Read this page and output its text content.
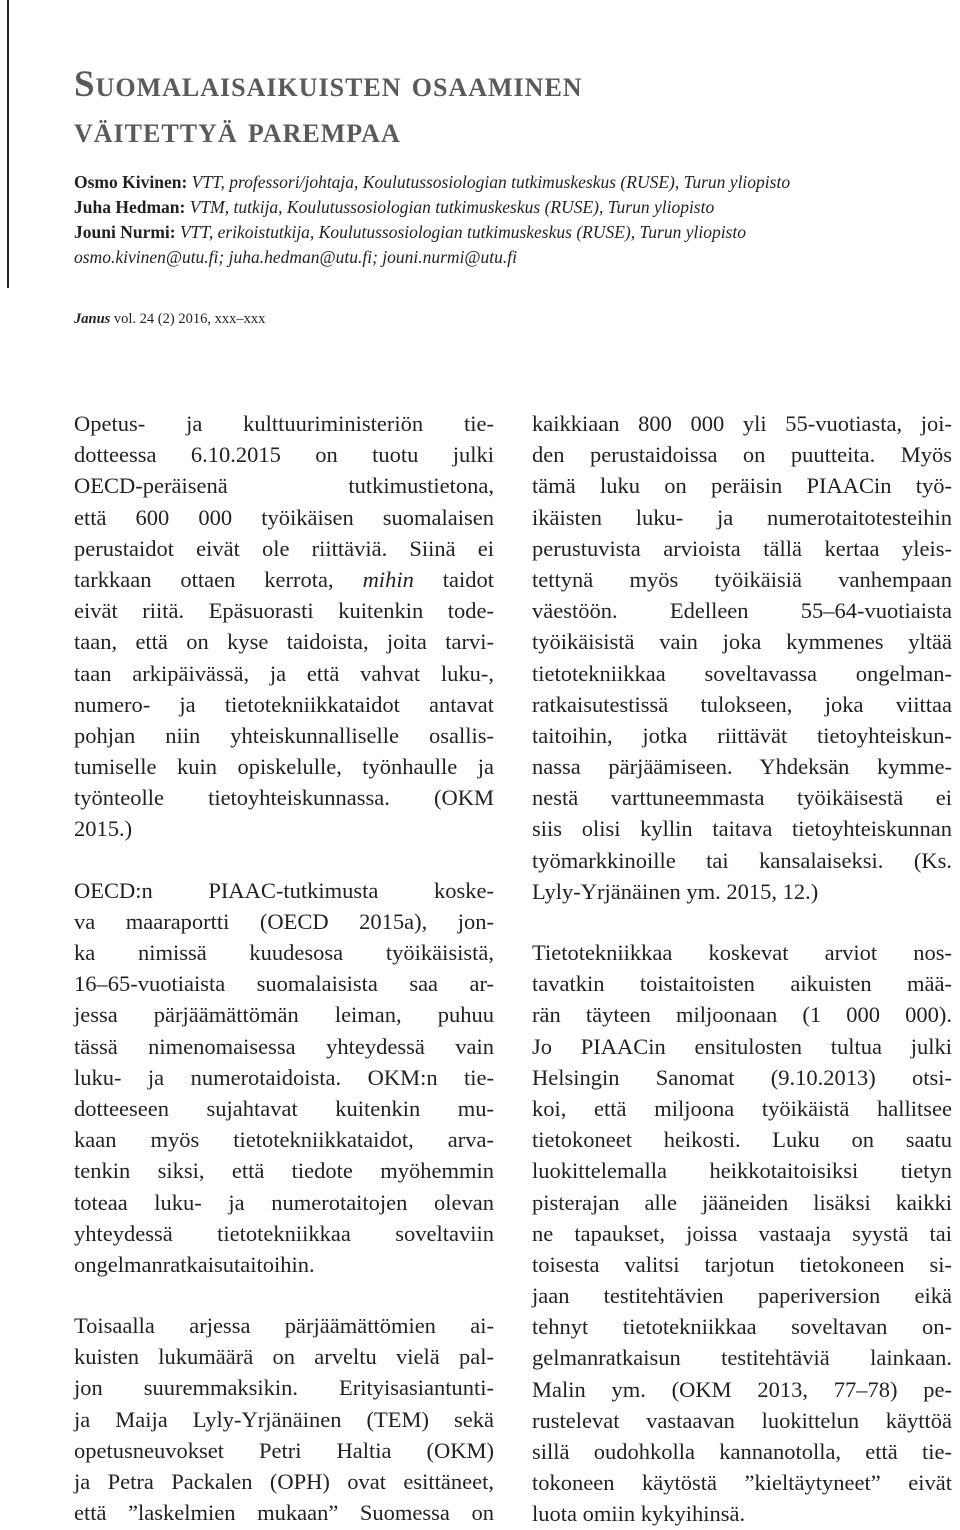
Suomalaisaikuisten osaaminen
väitettyä parempaa
Osmo Kivinen: VTT, professori/johtaja, Koulutussosiologian tutkimuskeskus (RUSE), Turun yliopisto
Juha Hedman: VTM, tutkija, Koulutussosiologian tutkimuskeskus (RUSE), Turun yliopisto
Jouni Nurmi: VTT, erikoistutkija, Koulutussosiologian tutkimuskeskus (RUSE), Turun yliopisto
osmo.kivinen@utu.fi; juha.hedman@utu.fi; jouni.nurmi@utu.fi
Janus vol. 24 (2) 2016, xxx–xxx
Opetus- ja kulttuuriministeriön tie-
dotteessa 6.10.2015 on tuotu julki
OECD-peräisenä tutkimustietona,
että 600 000 työikäisen suomalaisen
perustaidot eivät ole riittäviä. Siinä ei
tarkkaan ottaen kerrota, mihin taidot
eivät riitä. Epäsuorasti kuitenkin tode-
taan, että on kyse taidoista, joita tarvi-
taan arkipäivässä, ja että vahvat luku-,
numero- ja tietotekniikkataidot antavat
pohjan niin yhteiskunnalliselle osallis-
tumiselle kuin opiskelulle, työnhaulle ja
työnteolle tietoyhteiskunnassa. (OKM
2015.)
OECD:n PIAAC-tutkimusta koske-
va maaraportti (OECD 2015a), jon-
ka nimissä kuudesosa työikäisistä,
16–65-vuotiaista suomalaisista saa ar-
jessa pärjäämättömän leiman, puhuu
tässä nimenomaisessa yhteydessä vain
luku- ja numerotaidoista. OKM:n tie-
dotteeseen sujahtavat kuitenkin mu-
kaan myös tietotekniikkataidot, arva-
tenkin siksi, että tiedote myöhemmin
toteaa luku- ja numerotaitojen olevan
yhteydessä tietotekniikkaa soveltaviin
ongelmanratkaisutaitoihin.
Toisaalla arjessa pärjäämättömien ai-
kuisten lukumäärä on arveltu vielä pal-
jon suuremmaksikin. Erityisasiantunti-
ja Maija Lyly-Yrjänäinen (TEM) sekä
opetusneuvokset Petri Haltia (OKM)
ja Petra Packalen (OPH) ovat esittäneet,
että ”laskelmien mukaan” Suomessa on
kaikkiaan 800 000 yli 55-vuotiasta, joi-
den perustaidoissa on puutteita. Myös
tämä luku on peräisin PIAACin työ-
ikäisten luku- ja numerotaitotesteihin
perustuvista arvioista tällä kertaa yleis-
tettynä myös työikäisiä vanhempaan
väestöön. Edelleen 55–64-vuotiaista
työikäisistä vain joka kymmenes yltää
tietotekniikkaa soveltavassa ongelman-
ratkaisutestissä tulokseen, joka viittaa
taitoihin, jotka riittävät tietoyhteiskun-
nassa pärjäämiseen. Yhdeksän kymme-
nestä varttuneemmasta työikäisestä ei
siis olisi kyllin taitava tietoyhteiskunnan
työmarkkinoille tai kansalaiseksi. (Ks.
Lyly-Yrjänäinen ym. 2015, 12.)
Tietotekniikkaa koskevat arviot nos-
tavatkin toistaitoisten aikuisten mää-
rän täyteen miljoonaan (1 000 000).
Jo PIAACin ensitulosten tultua julki
Helsingin Sanomat (9.10.2013) otsi-
koi, että miljoona työikäistä hallitsee
tietokoneet heikosti. Luku on saatu
luokittelemalla heikkotaitoisiksi tietyn
pisterajan alle jääneiden lisäksi kaikki
ne tapaukset, joissa vastaaja syystä tai
toisesta valitsi tarjotun tietokoneen si-
jaan testitehtävien paperiversion eikä
tehnyt tietotekniikkaa soveltavan on-
gelmanratkaisun testitehtäviä lainkaan.
Malin ym. (OKM 2013, 77–78) pe-
rustelevat vastaavan luokittelun käyttöä
sillä oudohkolla kannanotolla, että tie-
tokoneen käytöstä ”kieltäytyneet” eivät
luota omiin kykyihinsä.
